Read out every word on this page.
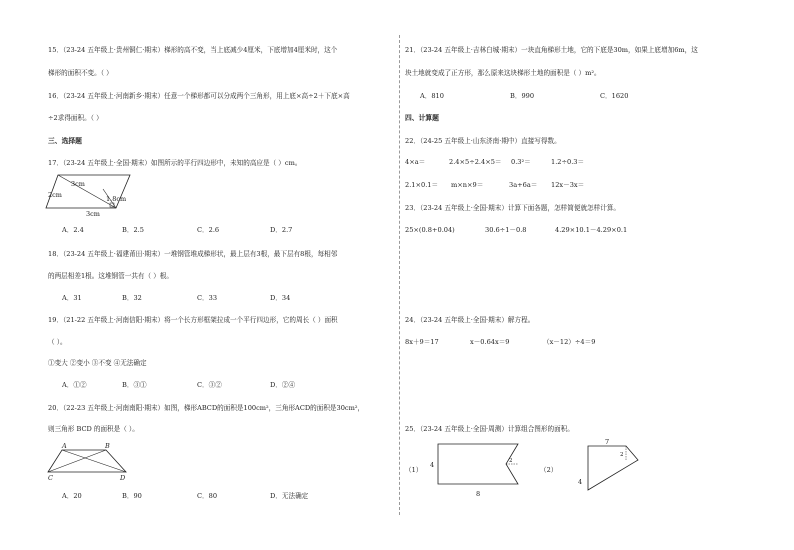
15．（23-24 五年级上·贵州铜仁·期末）梯形的高不变，当上底减少4厘米，下底增加4厘米时，这个
梯形的面积不变。（ ）
16．（23-24 五年级上·河南新乡·期末）任意一个梯形都可以分成两个三角形，用上底×高÷2＋下底×高
÷2求得面积。（ ）
三、选择题
17．（23-24 五年级上·全国·期末）如图所示的平行四边形中，未知的高应是（ ）cm。
3cm
2cm	1.8cm
3cm
A．2.4	B．2.5	C．2.6	D．2.7
18．（23-24 五年级上·福建莆田·期末）一堆钢管堆成梯形状，最上层有3根，最下层有8根，每相邻
的两层相差1根。这堆钢管一共有（ ）根。
A．31	B．32	C．33	D．34
19．（21-22 五年级上·河南信阳·期末）将一个长方形框架拉成一个平行四边形，它的周长（ ）面积
（ ）。
①变大 ②变小 ③不变 ④无法确定
A．①②	B．③①	C．③②	D．②④
20．（22-23 五年级上·河南南阳·期末）如图，梯形ABCD的面积是100cm²，三角形ACD的面积是30cm²，
则三角形 BCD 的面积是（ ）。
A	B
C	D
A．20	B．90	C．80	D．无法确定
21．（23-24 五年级上·吉林白城·期末）一块直角梯形土地，它的下底是30m，如果上底增加6m，这
块土地就变成了正方形，那么原来这块梯形土地的面积是（ ）m²。
A．810	B．990	C．1620
四、计算题
22．（24-25 五年级上·山东济南·期中）直接写得数。
4×a＝	2.4×5÷2.4×5＝ 0.3²＝	1.2÷0.3＝
2.1×0.1＝ m×n×9＝	3a+6a＝ 12x－3x＝
23．（23-24 五年级上·全国·期末）计算下面各题，怎样简便就怎样计算。
25×(0.8+0.04)	30.6÷1－0.8	4.29×10.1－4.29×0.1
24．（23-24 五年级上·全国·期末）解方程。
8x＋9＝17	x－0.64x＝9	（x－12）÷4＝9
25．（23-24 五年级上·全国·周测）计算组合图形的面积。
（1）
4
8
2
（2）
7
2
4
